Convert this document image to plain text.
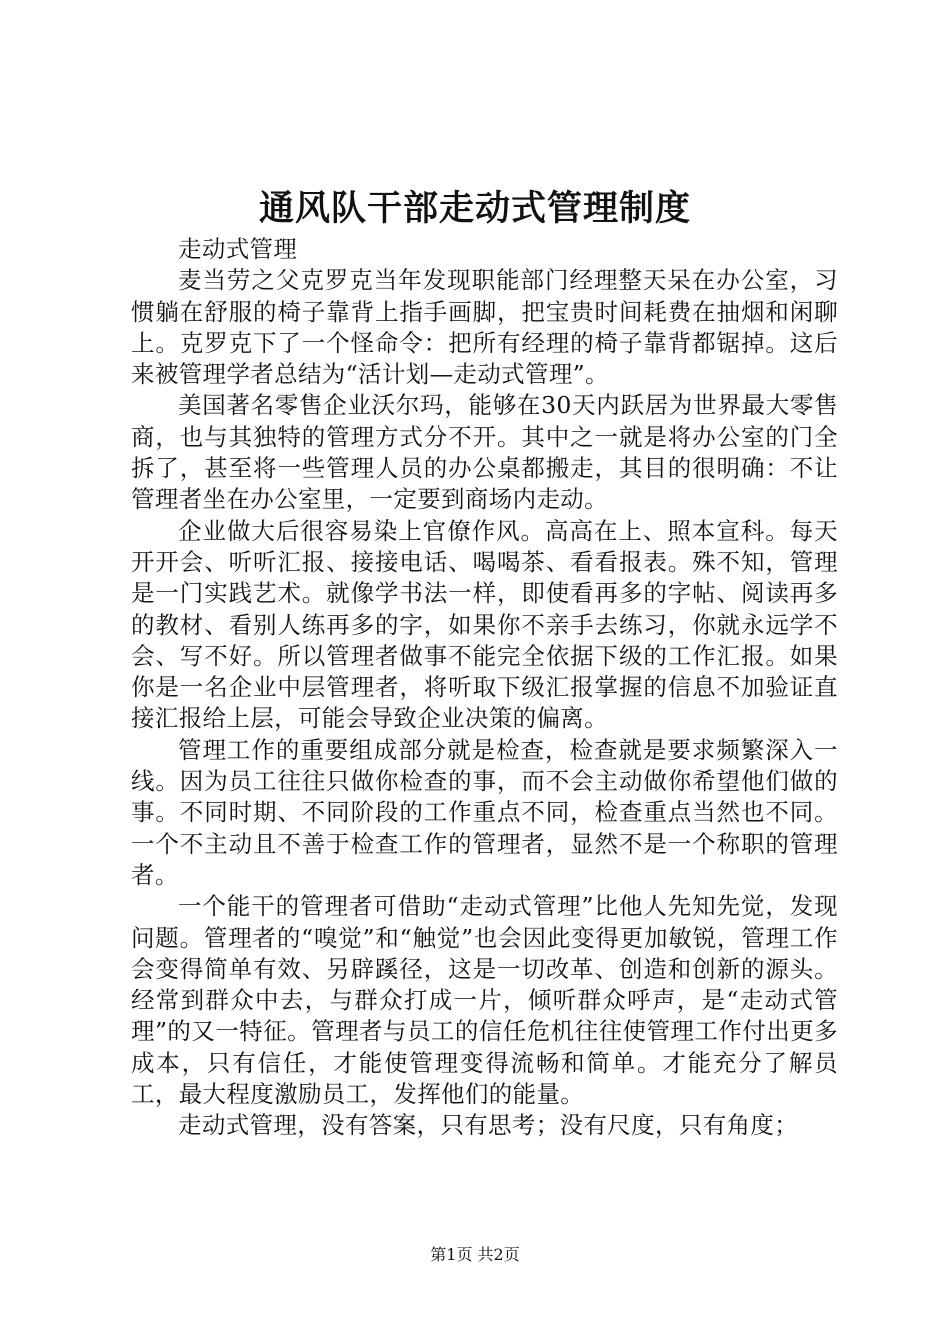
通风队干部走动式管理制度

走动式管理

麦当劳之父克罗克当年发现职能部门经理整天呆在办公室，习惯躺在舒服的椅子靠背上指手画脚，把宝贵时间耗费在抽烟和闲聊上。克罗克下了一个怪命令：把所有经理的椅子靠背都锯掉。这后来被管理学者总结为“活计划—走动式管理”。

美国著名零售企业沃尔玛，能够在30天内跃居为世界最大零售商，也与其独特的管理方式分不开。其中之一就是将办公室的门全拆了，甚至将一些管理人员的办公桌都搬走，其目的很明确：不让管理者坐在办公室里，一定要到商场内走动。

企业做大后很容易染上官僚作风。高高在上、照本宣科。每天开开会、听听汇报、接接电话、喝喝茶、看看报表。殊不知，管理是一门实践艺术。就像学书法一样，即使看再多的字帖、阅读再多的教材、看别人练再多的字，如果你不亲手去练习，你就永远学不会、写不好。所以管理者做事不能完全依据下级的工作汇报。如果你是一名企业中层管理者，将听取下级汇报掌握的信息不加验证直接汇报给上层，可能会导致企业决策的偏离。

管理工作的重要组成部分就是检查，检查就是要求频繁深入一线。因为员工往往只做你检查的事，而不会主动做你希望他们做的事。不同时期、不同阶段的工作重点不同，检查重点当然也不同。一个不主动且不善于检查工作的管理者，显然不是一个称职的管理者。

一个能干的管理者可借助“走动式管理”比他人先知先觉，发现问题。管理者的“嗅觉”和“触觉”也会因此变得更加敏锐，管理工作会变得简单有效、另辟蹊径，这是一切改革、创造和创新的源头。经常到群众中去，与群众打成一片，倾听群众呼声，是“走动式管理”的又一特征。管理者与员工的信任危机往往使管理工作付出更多成本，只有信任，才能使管理变得流畅和简单。才能充分了解员工，最大程度激励员工，发挥他们的能量。

走动式管理，没有答案，只有思考；没有尺度，只有角度；

第1页 共2页
